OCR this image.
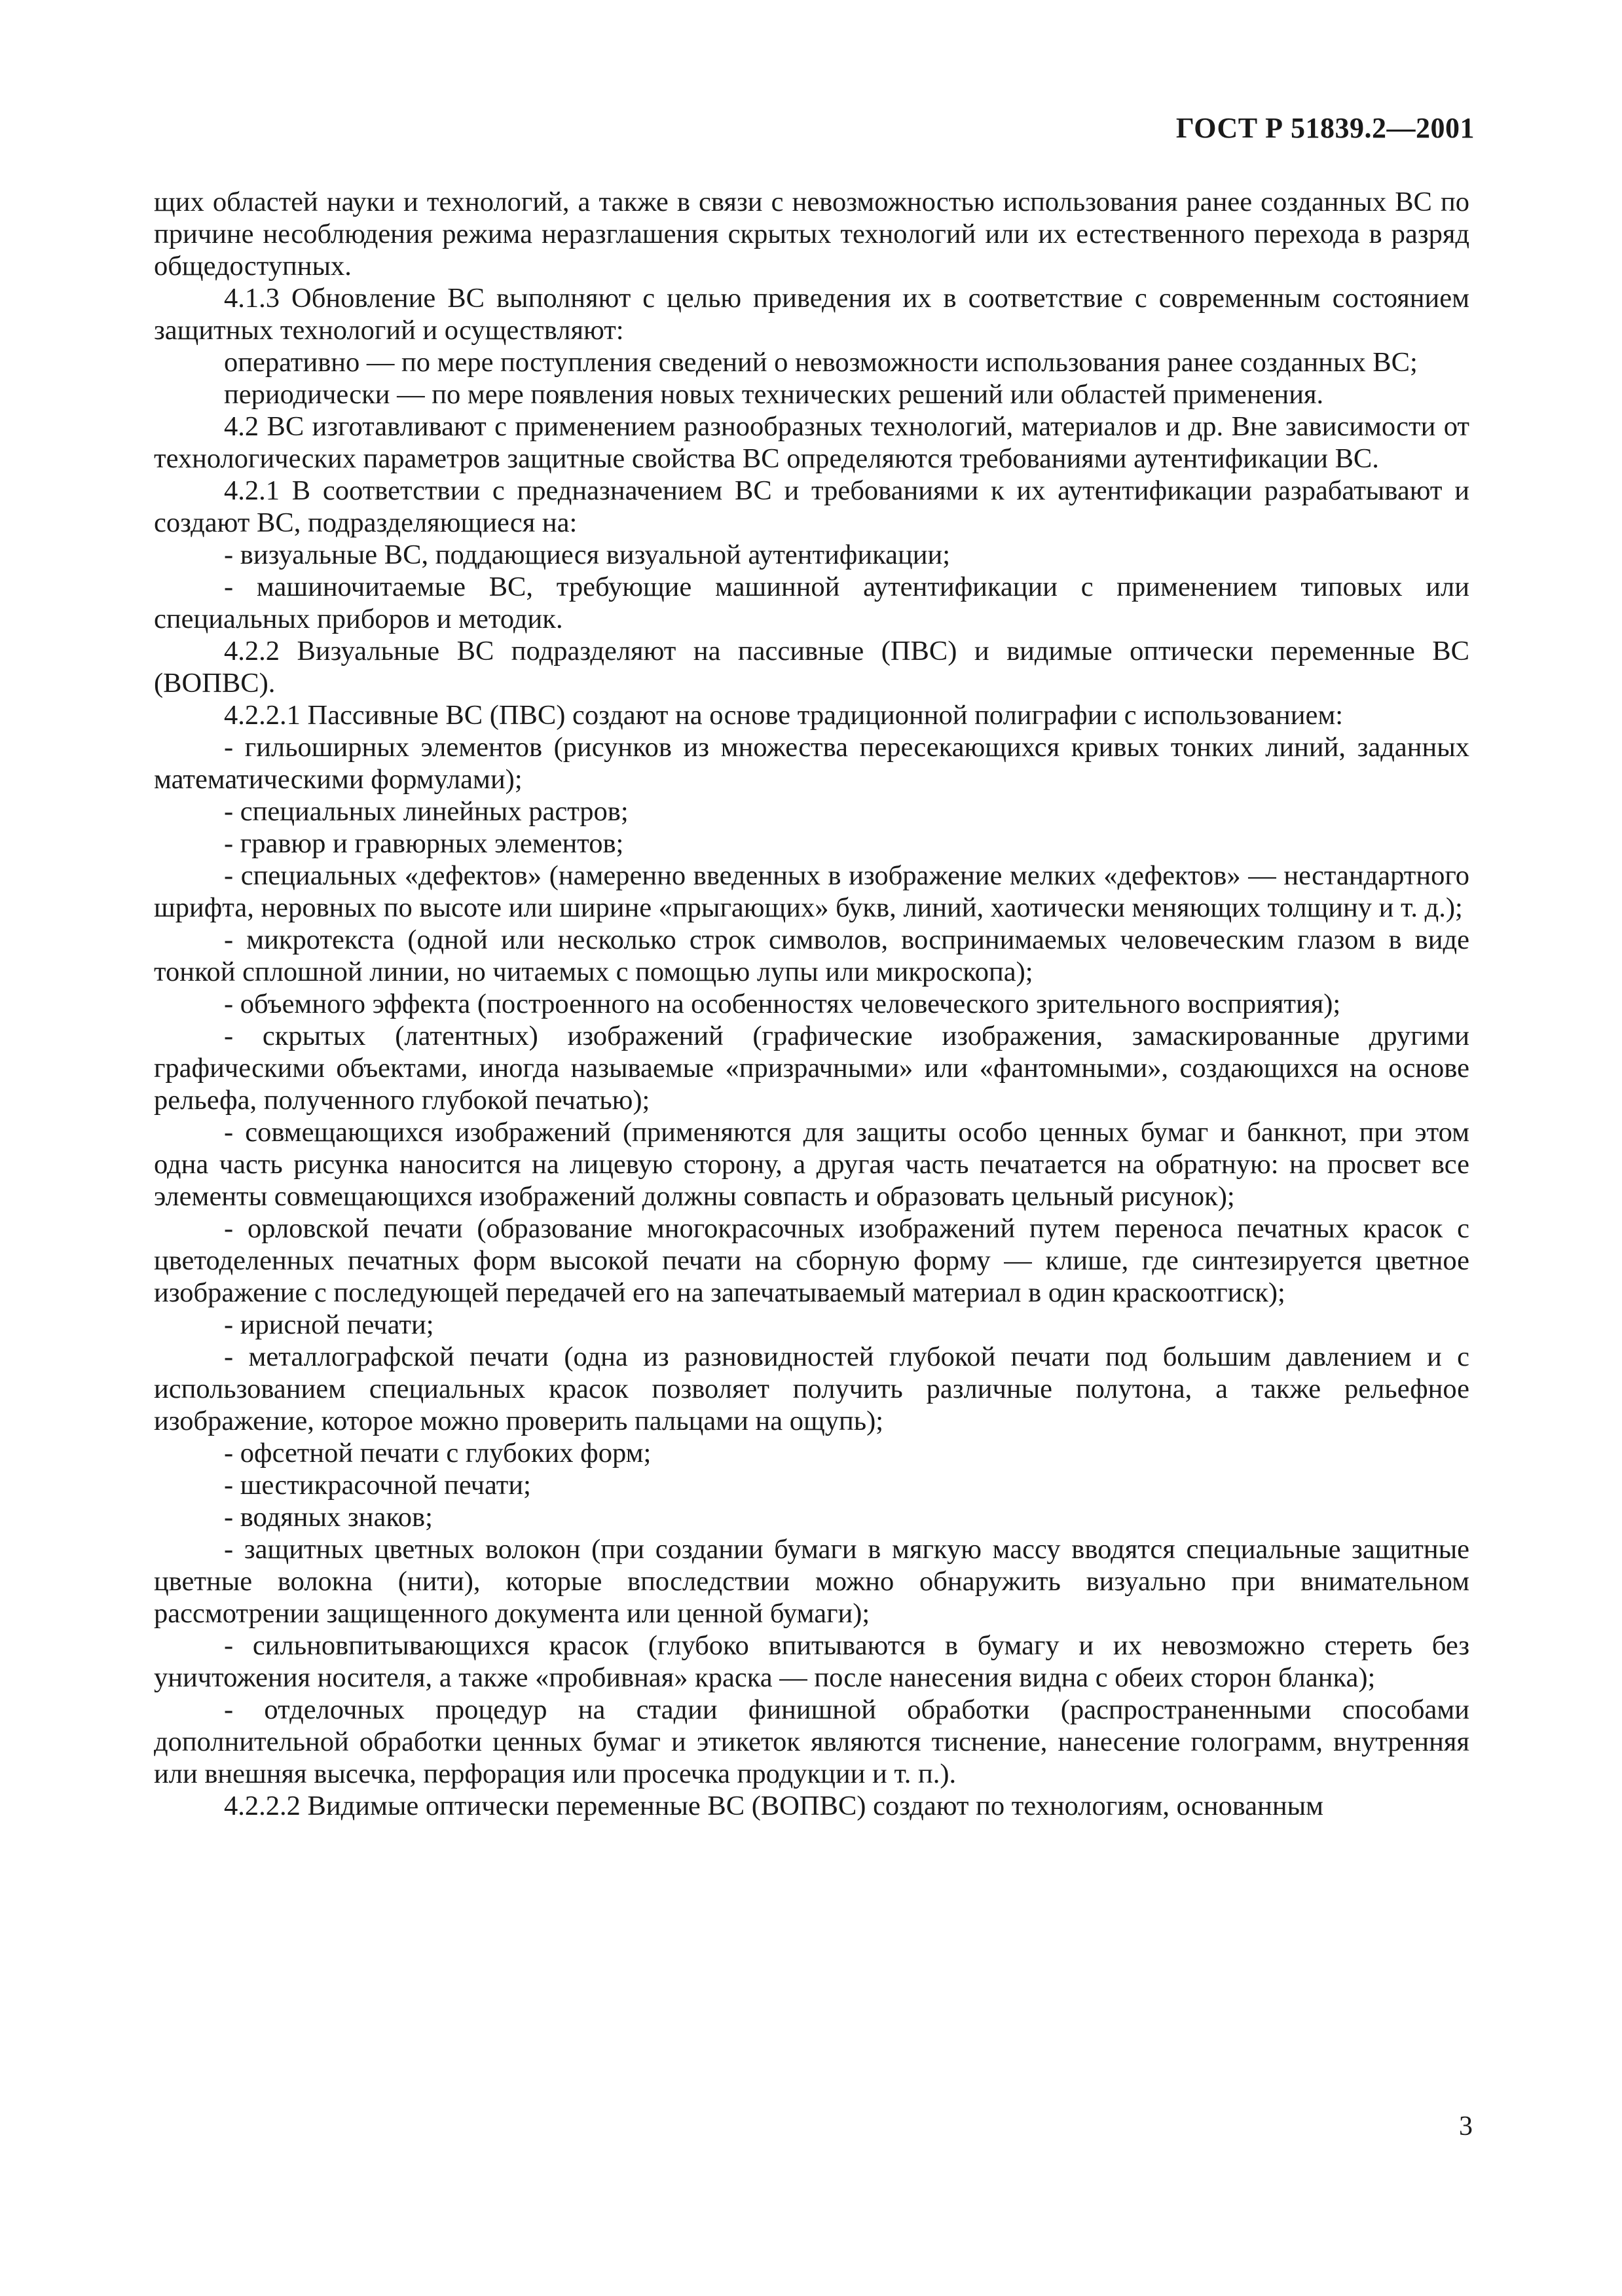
ГОСТ Р 51839.2—2001

щих областей науки и технологий, а также в связи с невозможностью использования ранее созданных ВС по причине несоблюдения режима неразглашения скрытых технологий или их естественного перехода в разряд общедоступных.

4.1.3 Обновление ВС выполняют с целью приведения их в соответствие с современным состоянием защитных технологий и осуществляют:

оперативно — по мере поступления сведений о невозможности использования ранее созданных ВС;

периодически — по мере появления новых технических решений или областей применения.

4.2 ВС изготавливают с применением разнообразных технологий, материалов и др. Вне зависимости от технологических параметров защитные свойства ВС определяются требованиями аутентификации ВС.

4.2.1 В соответствии с предназначением ВС и требованиями к их аутентификации разрабатывают и создают ВС, подразделяющиеся на:

- визуальные ВС, поддающиеся визуальной аутентификации;

- машиночитаемые ВС, требующие машинной аутентификации с применением типовых или специальных приборов и методик.

4.2.2 Визуальные ВС подразделяют на пассивные (ПВС) и видимые оптически переменные ВС (ВОПВС).

4.2.2.1 Пассивные ВС (ПВС) создают на основе традиционной полиграфии с использованием:

- гильоширных элементов (рисунков из множества пересекающихся кривых тонких линий, заданных математическими формулами);

- специальных линейных растров;

- гравюр и гравюрных элементов;

- специальных «дефектов» (намеренно введенных в изображение мелких «дефектов» — нестандартного шрифта, неровных по высоте или ширине «прыгающих» букв, линий, хаотически меняющих толщину и т. д.);

- микротекста (одной или несколько строк символов, воспринимаемых человеческим глазом в виде тонкой сплошной линии, но читаемых с помощью лупы или микроскопа);

- объемного эффекта (построенного на особенностях человеческого зрительного восприятия);

- скрытых (латентных) изображений (графические изображения, замаскированные другими графическими объектами, иногда называемые «призрачными» или «фантомными», создающихся на основе рельефа, полученного глубокой печатью);

- совмещающихся изображений (применяются для защиты особо ценных бумаг и банкнот, при этом одна часть рисунка наносится на лицевую сторону, а другая часть печатается на обратную: на просвет все элементы совмещающихся изображений должны совпасть и образовать цельный рисунок);

- орловской печати (образование многокрасочных изображений путем переноса печатных красок с цветоделенных печатных форм высокой печати на сборную форму — клише, где синтезируется цветное изображение с последующей передачей его на запечатываемый материал в один краскоотгиск);

- ирисной печати;

- металлографской печати (одна из разновидностей глубокой печати под большим давлением и с использованием специальных красок позволяет получить различные полутона, а также рельефное изображение, которое можно проверить пальцами на ощупь);

- офсетной печати с глубоких форм;

- шестикрасочной печати;

- водяных знаков;

- защитных цветных волокон (при создании бумаги в мягкую массу вводятся специальные защитные цветные волокна (нити), которые впоследствии можно обнаружить визуально при внимательном рассмотрении защищенного документа или ценной бумаги);

- сильновпитывающихся красок (глубоко впитываются в бумагу и их невозможно стереть без уничтожения носителя, а также «пробивная» краска — после нанесения видна с обеих сторон бланка);

- отделочных процедур на стадии финишной обработки (распространенными способами дополнительной обработки ценных бумаг и этикеток являются тиснение, нанесение голограмм, внутренняя или внешняя высечка, перфорация или просечка продукции и т. п.).

4.2.2.2 Видимые оптически переменные ВС (ВОПВС) создают по технологиям, основанным

3
